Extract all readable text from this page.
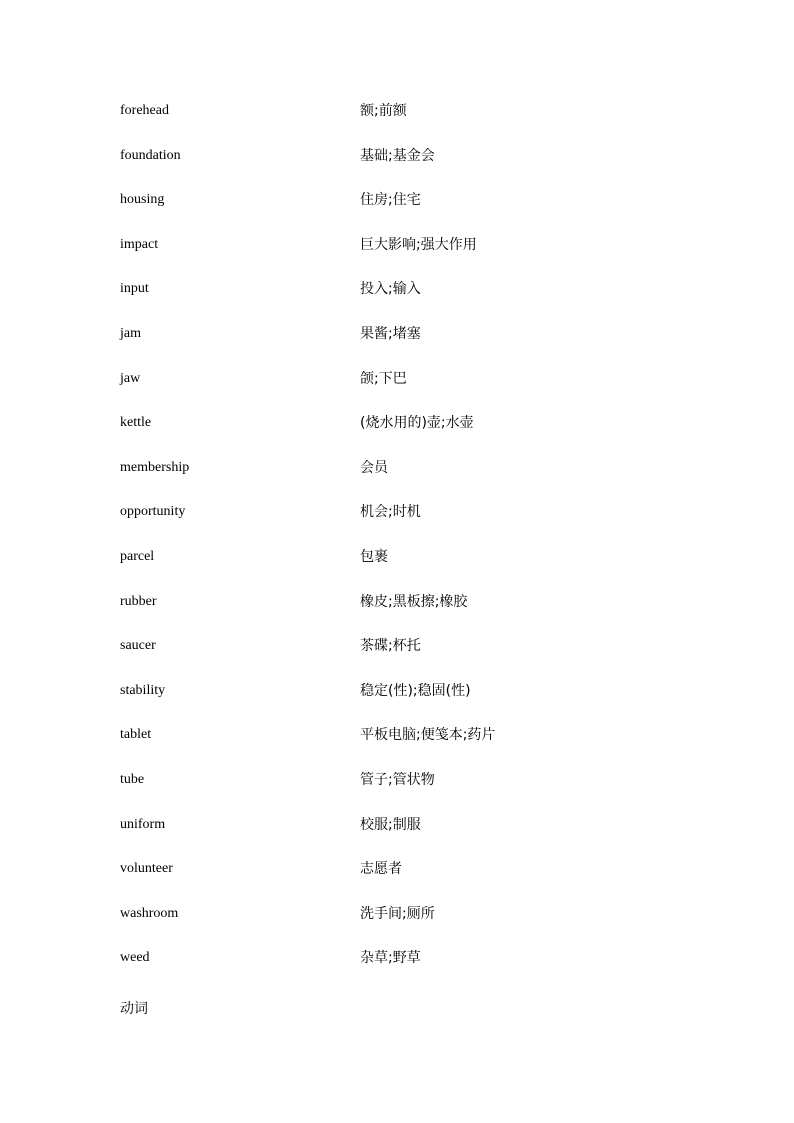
forehead	额;前额
foundation	基础;基金会
housing	住房;住宅
impact	巨大影响;强大作用
input	投入;输入
jam	果酱;堵塞
jaw	颌;下巴
kettle	(烧水用的)壶;水壶
membership	会员
opportunity	机会;时机
parcel	包裹
rubber	橡皮;黑板擦;橡胶
saucer	茶碟;杯托
stability	稳定(性);稳固(性)
tablet	平板电脑;便笺本;药片
tube	管子;管状物
uniform	校服;制服
volunteer	志愿者
washroom	洗手间;厕所
weed	杂草;野草
动词
